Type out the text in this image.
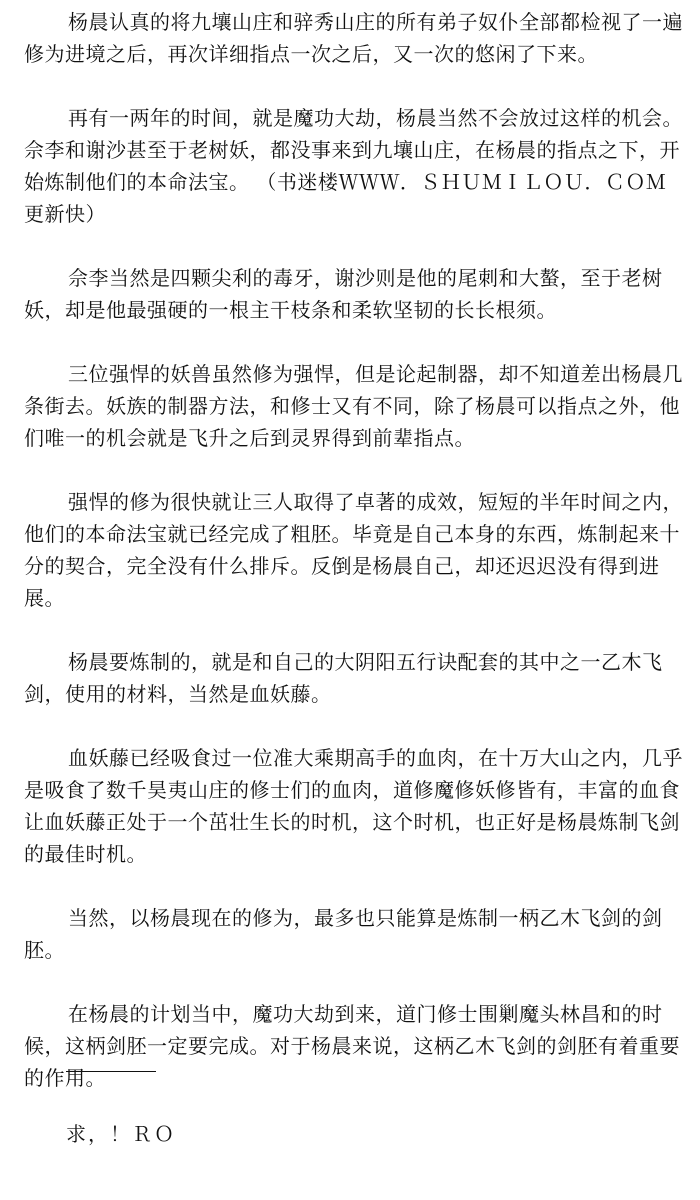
杨晨认真的将九壤山庄和骍秀山庄的所有弟子奴仆全部都检视了一遍修为进境之后，再次详细指点一次之后，又一次的悠闲了下来。

再有一两年的时间，就是魔功大劫，杨晨当然不会放过这样的机会。佘李和谢沙甚至于老树妖，都没事来到九壤山庄，在杨晨的指点之下，开始炼制他们的本命法宝。 （书迷楼ＷＷＷ．ＳＨＵＭＩＬＯＵ．ＣＯＭ更新快）

佘李当然是四颗尖利的毒牙，谢沙则是他的尾刺和大螯，至于老树妖，却是他最强硬的一根主干枝条和柔软坚韧的长长根须。

三位强悍的妖兽虽然修为强悍，但是论起制器，却不知道差出杨晨几条街去。妖族的制器方法，和修士又有不同，除了杨晨可以指点之外，他们唯一的机会就是飞升之后到灵界得到前辈指点。

强悍的修为很快就让三人取得了卓著的成效，短短的半年时间之内，他们的本命法宝就已经完成了粗胚。毕竟是自己本身的东西，炼制起来十分的契合，完全没有什么排斥。反倒是杨晨自己，却还迟迟没有得到进展。

杨晨要炼制的，就是和自己的大阴阳五行诀配套的其中之一乙木飞剑，使用的材料，当然是血妖藤。

血妖藤已经吸食过一位准大乘期高手的血肉，在十万大山之内，几乎是吸食了数千昊夷山庄的修士们的血肉，道修魔修妖修皆有，丰富的血食让血妖藤正处于一个茁壮生长的时机，这个时机，也正好是杨晨炼制飞剑的最佳时机。

当然，以杨晨现在的修为，最多也只能算是炼制一柄乙木飞剑的剑胚。

在杨晨的计划当中，魔功大劫到来，道门修士围剿魔头林昌和的时候，这柄剑胚一定要完成。对于杨晨来说，这柄乙木飞剑的剑胚有着重要的作用。

求，！ＲＯ
